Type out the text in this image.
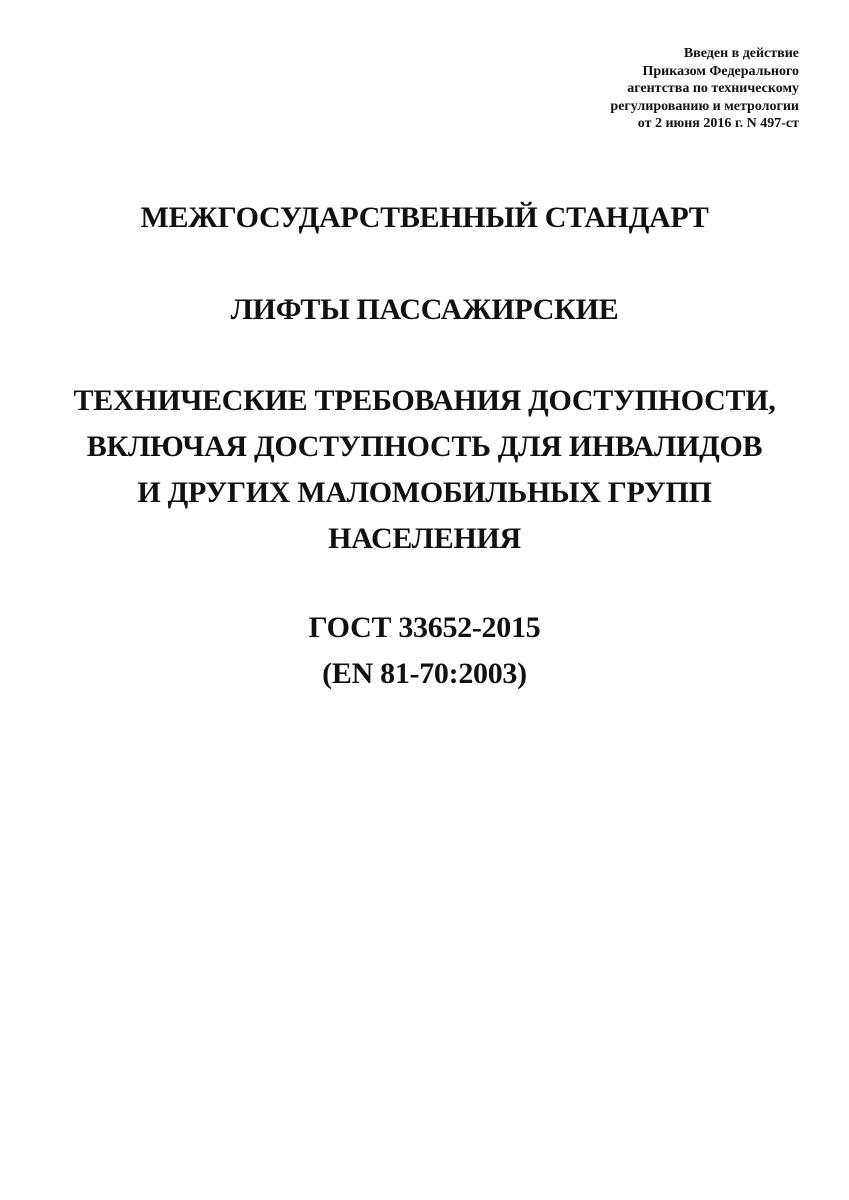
Введен в действие
Приказом Федерального
агентства по техническому
регулированию и метрологии
от 2 июня 2016 г. N 497-ст
МЕЖГОСУДАРСТВЕННЫЙ СТАНДАРТ
ЛИФТЫ ПАССАЖИРСКИЕ
ТЕХНИЧЕСКИЕ ТРЕБОВАНИЯ ДОСТУПНОСТИ,
ВКЛЮЧАЯ ДОСТУПНОСТЬ ДЛЯ ИНВАЛИДОВ
И ДРУГИХ МАЛОМОБИЛЬНЫХ ГРУПП
НАСЕЛЕНИЯ
ГОСТ 33652-2015
(EN 81-70:2003)
